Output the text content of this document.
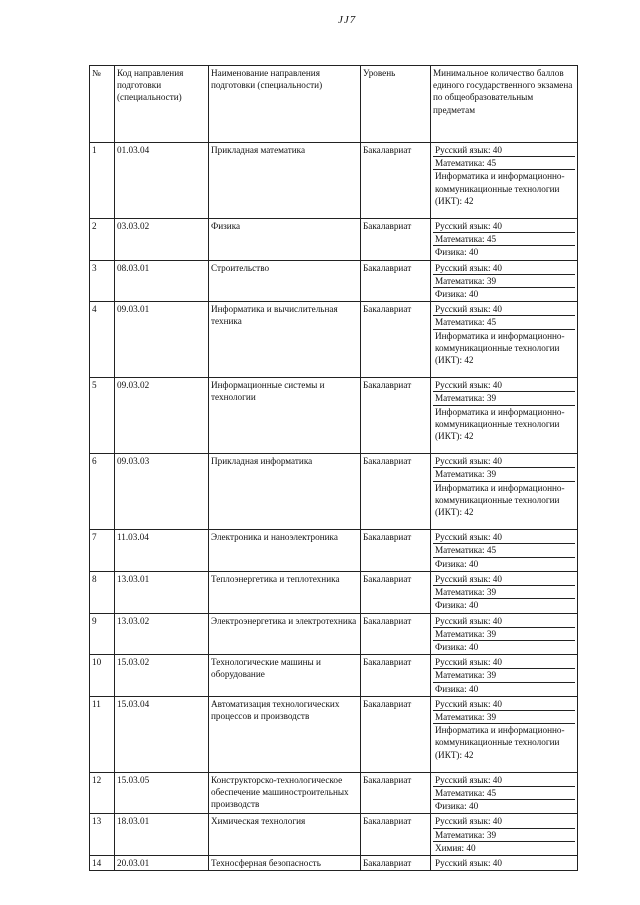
JJ7
№	Код направления подготовки (специальности)	Наименование направления подготовки (специальности)	Уровень	Минимальное количество баллов единого государственного экзамена по общеобразовательным предметам
1	01.03.04	Прикладная математика	Бакалавриат	Русский язык: 40
Математика: 45
Информатика и информационно-коммуникационные технологии (ИКТ): 42

2	03.03.02	Физика	Бакалавриат	Русский язык: 40
Математика: 45
Физика: 40

3	08.03.01	Строительство	Бакалавриат	Русский язык: 40
Математика: 39
Физика: 40

4	09.03.01	Информатика и вычислительная техника	Бакалавриат	Русский язык: 40
Математика: 45
Информатика и информационно-коммуникационные технологии (ИКТ): 42

5	09.03.02	Информационные системы и технологии	Бакалавриат	Русский язык: 40
Математика: 39
Информатика и информационно-коммуникационные технологии (ИКТ): 42

6	09.03.03	Прикладная информатика	Бакалавриат	Русский язык: 40
Математика: 39
Информатика и информационно-коммуникационные технологии (ИКТ): 42

7	11.03.04	Электроника и наноэлектроника	Бакалавриат	Русский язык: 40
Математика: 45
Физика: 40

8	13.03.01	Теплоэнергетика и теплотехника	Бакалавриат	Русский язык: 40
Математика: 39
Физика: 40

9	13.03.02	Электроэнергетика и электротехника	Бакалавриат	Русский язык: 40
Математика: 39
Физика: 40

10	15.03.02	Технологические машины и оборудование	Бакалавриат	Русский язык: 40
Математика: 39
Физика: 40

11	15.03.04	Автоматизация технологических процессов и производств	Бакалавриат	Русский язык: 40
Математика: 39
Информатика и информационно-коммуникационные технологии (ИКТ): 42

12	15.03.05	Конструкторско-технологическое обеспечение машиностроительных производств	Бакалавриат	Русский язык: 40
Математика: 45
Физика: 40

13	18.03.01	Химическая технология	Бакалавриат	Русский язык: 40
Математика: 39
Химия: 40

14	20.03.01	Техносферная безопасность	Бакалавриат	Русский язык: 40
